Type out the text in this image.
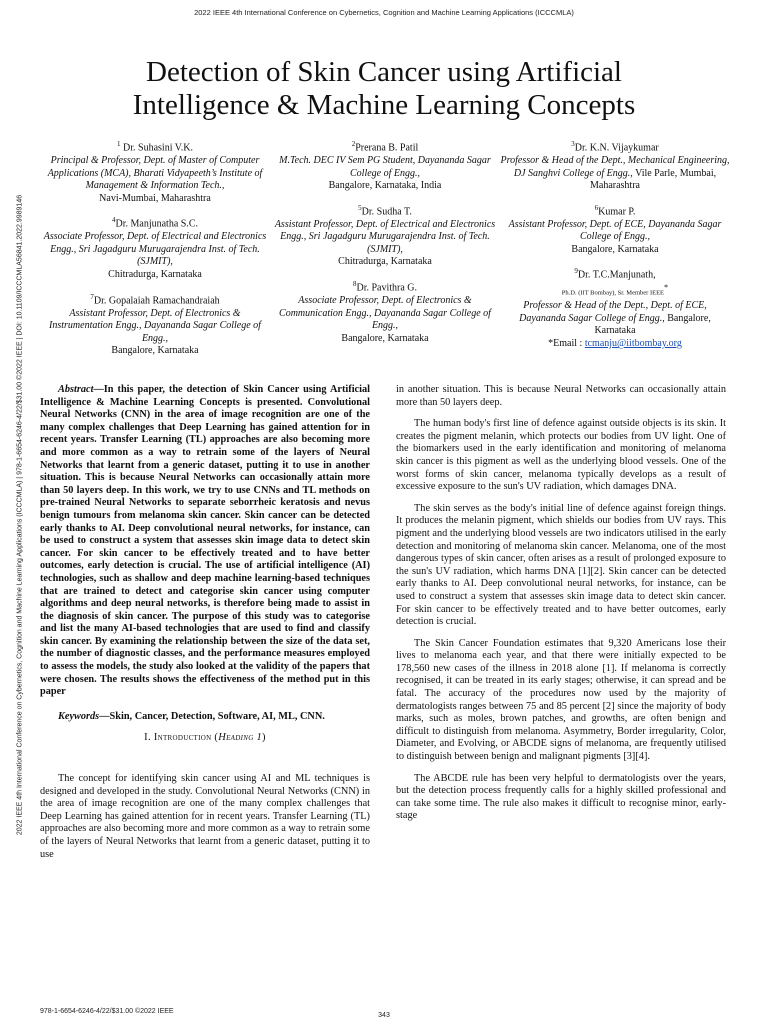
2022 IEEE 4th International Conference on Cybernetics, Cognition and Machine Learning Applications (ICCCMLA)
2022 IEEE 4th International Conference on Cybernetics, Cognition and Machine Learning Applications (ICCCMLA) | 978-1-6654-6246-4/22/$31.00 ©2022 IEEE | DOI: 10.1109/ICCCMLA56841.2022.9989146
Detection of Skin Cancer using Artificial
Intelligence & Machine Learning Concepts
$^1$ Dr. Suhasini V.K.
Principal & Professor, Dept. of Master of Computer Applications (MCA), Bharati Vidyapeeth’s Institute of Management & Information Tech.,
Navi-Mumbai, Maharashtra
$^4$Dr. Manjunatha S.C.
Associate Professor, Dept. of Electrical and Electronics Engg., Sri Jagadguru Murugarajendra Inst. of Tech. (SJMIT),
Chitradurga, Karnataka
$^7$Dr. Gopalaiah Ramachandraiah
Assistant Professor, Dept. of Electronics & Instrumentation Engg., Dayananda Sagar College of Engg.,
Bangalore, Karnataka
$^2$Prerana B. Patil
M.Tech. DEC IV Sem PG Student, Dayananda Sagar College of Engg.,
Bangalore, Karnataka, India
$^5$Dr. Sudha T.
Assistant Professor, Dept. of Electrical and Electronics Engg., Sri Jagadguru Murugarajendra Inst. of Tech. (SJMIT),
Chitradurga, Karnataka
$^8$Dr. Pavithra G.
Associate Professor, Dept. of Electronics & Communication Engg., Dayananda Sagar College of Engg.,
Bangalore, Karnataka
$^3$Dr. K.N. Vijaykumar
Professor & Head of the Dept., Mechanical Engineering, DJ Sanghvi College of Engg., Vile Parle, Mumbai, Maharashtra
$^6$Kumar P.
Assistant Professor, Dept. of ECE, Dayananda Sagar College of Engg.,
Bangalore, Karnataka
$^9$Dr. T.C.Manjunath,
Ph.D. (IIT Bombay), Sr. Member IEEE*
Professor & Head of the Dept., Dept. of ECE, Dayananda Sagar College of Engg., Bangalore, Karnataka
*Email : tcmanju@iitbombay.org

Abstract—In this paper, the detection of Skin Cancer using Artificial Intelligence & Machine Learning Concepts is presented. Convolutional Neural Networks (CNN) in the area of image recognition are one of the many complex challenges that Deep Learning has gained attention for in recent years. Transfer Learning (TL) approaches are also becoming more and more common as a way to retrain some of the layers of Neural Networks that learnt from a generic dataset, putting it to use in another situation. This is because Neural Networks can occasionally attain more than 50 layers deep. In this work, we try to use CNNs and TL methods on pre-trained Neural Networks to separate seborrheic keratosis and nevus benign tumours from melanoma skin cancer. Skin cancer can be detected early thanks to AI. Deep convolutional neural networks, for instance, can be used to construct a system that assesses skin image data to detect skin cancer. For skin cancer to be effectively treated and to have better outcomes, early detection is crucial. The use of artificial intelligence (AI) technologies, such as shallow and deep machine learning-based techniques that are trained to detect and categorise skin cancer using computer algorithms and deep neural networks, is therefore being made to assist in the diagnosis of skin cancer. The purpose of this study was to categorise and list the many AI-based technologies that are used to find and classify skin cancer. By examining the relationship between the size of the data set, the number of diagnostic classes, and the performance measures employed to assess the models, the study also looked at the validity of the papers that were chosen. The results shows the effectiveness of the method put in this paper

Keywords—Skin, Cancer, Detection, Software, AI, ML, CNN.

I. Introduction (Heading 1)

The concept for identifying skin cancer using AI and ML techniques is designed and developed in the study. Convolutional Neural Networks (CNN) in the area of image recognition are one of the many complex challenges that Deep Learning has gained attention for in recent years. Transfer Learning (TL) approaches are also becoming more and more common as a way to retrain some of the layers of Neural Networks that learnt from a generic dataset, putting it to use

in another situation. This is because Neural Networks can occasionally attain more than 50 layers deep.

The human body's first line of defence against outside objects is its skin. It creates the pigment melanin, which protects our bodies from UV light. One of the biomarkers used in the early identification and monitoring of melanoma skin cancer is this pigment as well as the underlying blood vessels. One of the worst forms of skin cancer, melanoma typically develops as a result of excessive exposure to the sun's UV radiation, which damages DNA.

The skin serves as the body's initial line of defence against foreign things. It produces the melanin pigment, which shields our bodies from UV rays. This pigment and the underlying blood vessels are two indicators utilised in the early detection and monitoring of melanoma skin cancer. Melanoma, one of the most dangerous types of skin cancer, often arises as a result of prolonged exposure to the sun's UV radiation, which harms DNA [1][2]. Skin cancer can be detected early thanks to AI. Deep convolutional neural networks, for instance, can be used to construct a system that assesses skin image data to detect skin cancer. For skin cancer to be effectively treated and to have better outcomes, early detection is crucial.

The Skin Cancer Foundation estimates that 9,320 Americans lose their lives to melanoma each year, and that there were initially expected to be 178,560 new cases of the illness in 2018 alone [1]. If melanoma is correctly recognised, it can be treated in its early stages; otherwise, it can spread and be fatal. The accuracy of the procedures now used by the majority of dermatologists ranges between 75 and 85 percent [2] since the majority of body marks, such as moles, brown patches, and growths, are often benign and difficult to distinguish from melanoma. Asymmetry, Border irregularity, Color, Diameter, and Evolving, or ABCDE signs of melanoma, are frequently utilised to distinguish between benign and malignant pigments [3][4].

The ABCDE rule has been very helpful to dermatologists over the years, but the detection process frequently calls for a highly skilled professional and can take some time. The rule also makes it difficult to recognise minor, early-stage

978-1-6654-6246-4/22/$31.00 ©2022 IEEE
343
